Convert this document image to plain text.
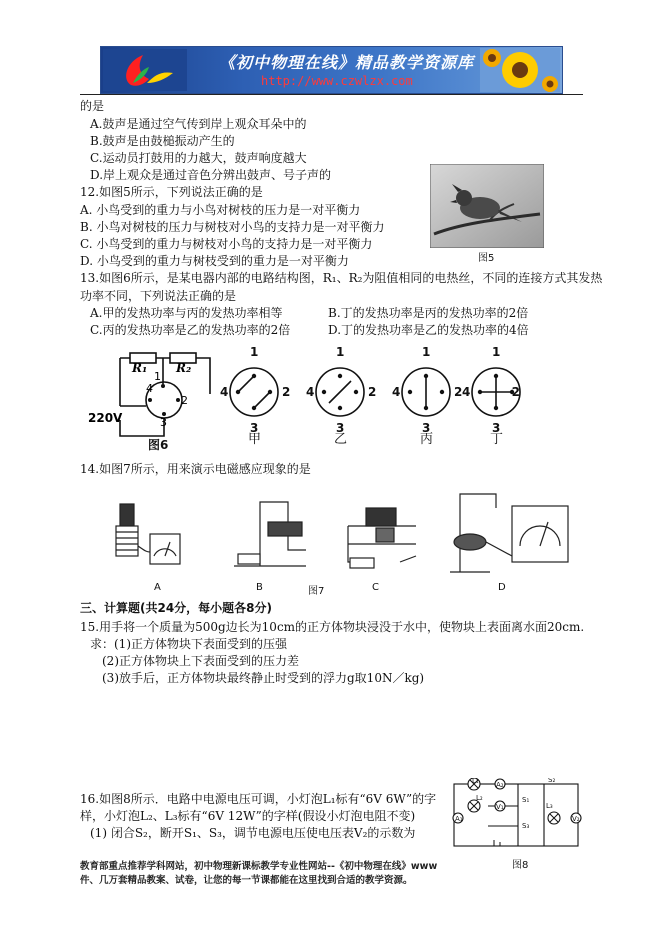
《初中物理在线》精品教学资源库
http://www.czwlzx.com
的是
A.鼓声是通过空气传到岸上观众耳朵中的
B.鼓声是由鼓槌振动产生的
C.运动员打鼓用的力越大，鼓声响度越大
D.岸上观众是通过音色分辨出鼓声、号子声的
12.如图5所示，下列说法正确的是
A. 小鸟受到的重力与小鸟对树枝的压力是一对平衡力
B. 小鸟对树枝的压力与树枝对小鸟的支持力是一对平衡力
C. 小鸟受到的重力与树枝对小鸟的支持力是一对平衡力
D. 小鸟受到的重力与树枝受到的重力是一对平衡力	图5
13.如图6所示，是某电器内部的电路结构图，R₁、R₂为阻值相同的电热丝，不同的连接方式其发热
功率不同，下列说法正确的是
A.甲的发热功率与丙的发热功率相等	B.丁的发热功率是丙的发热功率的2倍
C.丙的发热功率是乙的发热功率的2倍	D.丁的发热功率是乙的发热功率的4倍
4
2
3
1
R₁ R₂
220V
1
4	2
3
1
4	2
3
1
4	2
3
1
4	2
3
图6	甲	乙	丙	丁
14.如图7所示，用来演示电磁感应现象的是
A	B	图7	C	D
三、计算题(共24分，每小题各8分)
15.用手将一个质量为500g边长为10cm的正方体物块浸没于水中，使物块上表面离水面20cm.
求：(1)正方体物块下表面受到的压强
(2)正方体物块上下表面受到的压力差
(3)放手后，正方体物块最终静止时受到的浮力g取10N／kg)
16.如图8所示．电路中电源电压可调，小灯泡L₁标有“6V 6W”的字
样，小灯泡L₂、L₃标有“6V 12W”的字样(假设小灯泡电阻不变)
(1) 闭合S₂，断开S₁、S₃，调节电源电压使电压表V₂的示数为
A₂
V₁
A₁	V₂
L₁
L₂
L₃
S₂
S₁
S₃
图8
教育部重点推荐学科网站，初中物理新课标教学专业性网站--《初中物理在线》www
件、几万套精品教案、试卷，让您的每一节课都能在这里找到合适的教学资源。
